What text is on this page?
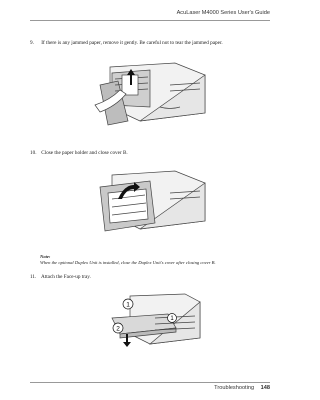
AcuLaser M4000 Series User's Guide
9. If there is any jammed paper, remove it gently. Be careful not to tear the jammed paper.
10. Close the paper holder and close cover B.
Note:
When the optional Duplex Unit is installed, close the Duplex Unit's cover after closing cover B.
11. Attach the Face-up tray.
1
2
1
Troubleshooting 148
